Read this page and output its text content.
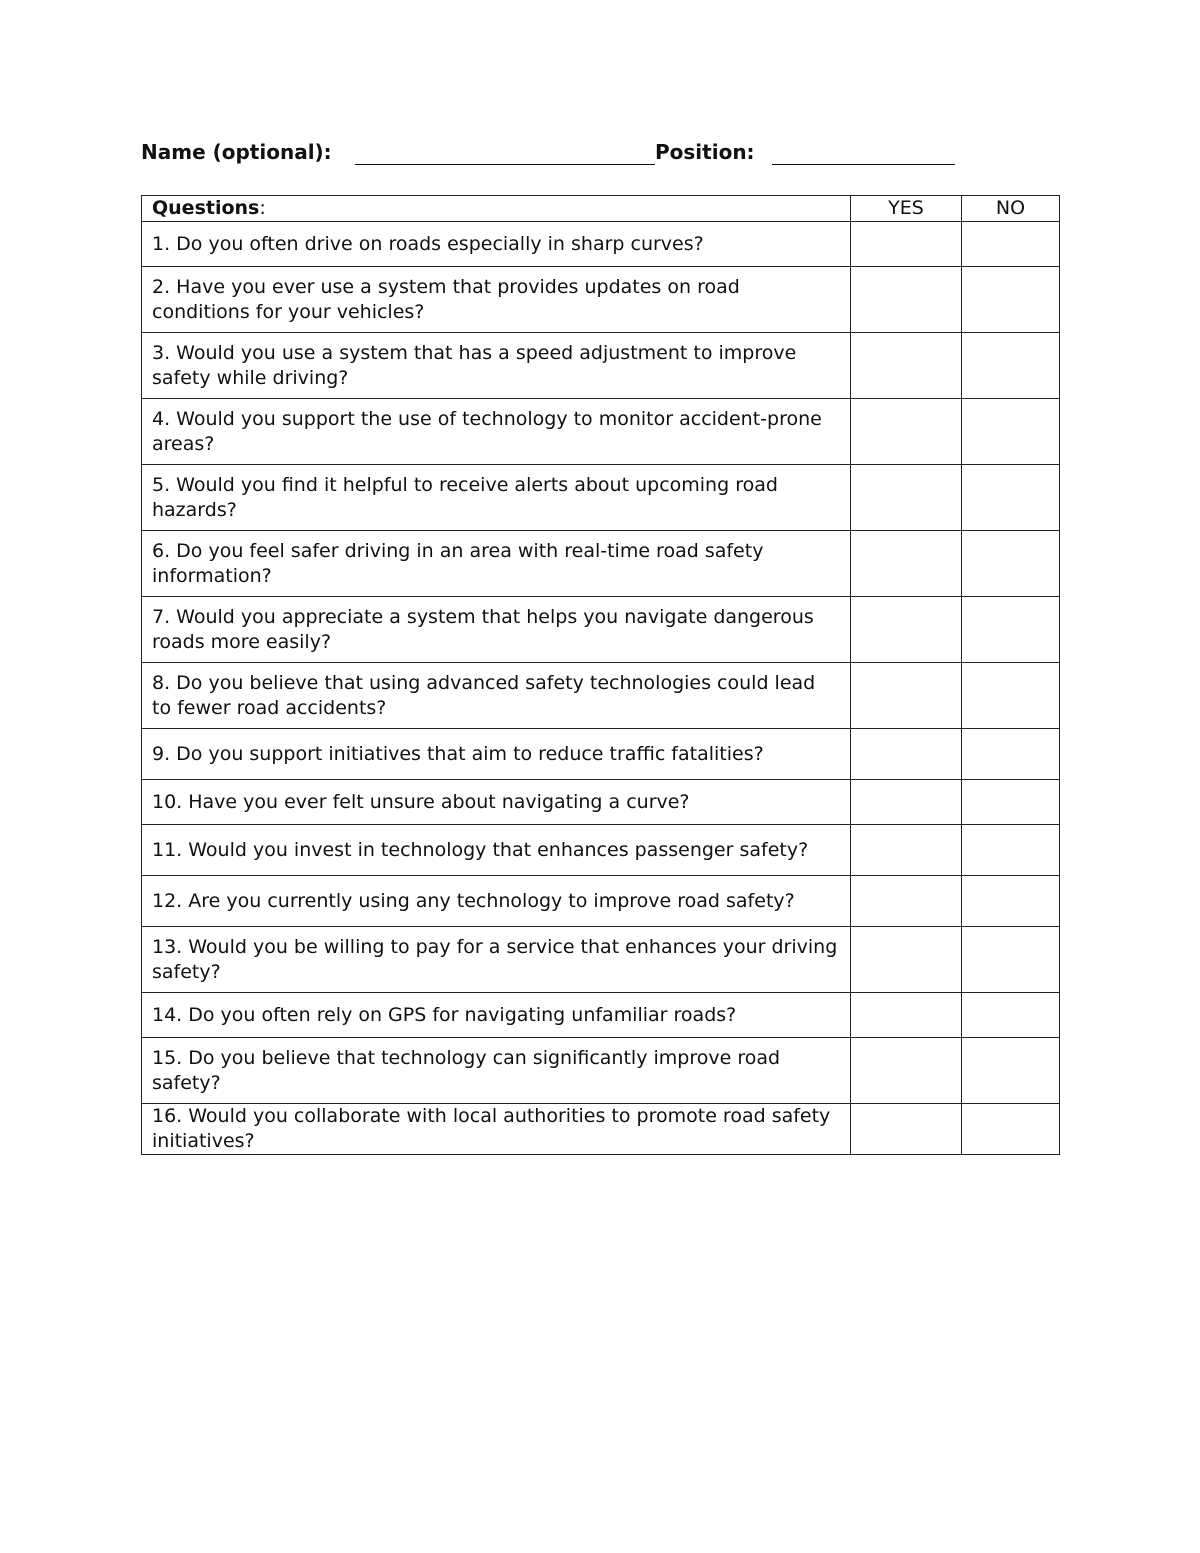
Name (optional):	Position:
Questions:	YES	NO
1. Do you often drive on roads especially in sharp curves?		
2. Have you ever use a system that provides updates on road conditions for your vehicles?		
3. Would you use a system that has a speed adjustment to improve safety while driving?		
4. Would you support the use of technology to monitor accident-prone areas?		
5. Would you find it helpful to receive alerts about upcoming road hazards?		
6. Do you feel safer driving in an area with real-time road safety information?		
7. Would you appreciate a system that helps you navigate dangerous roads more easily?		
8. Do you believe that using advanced safety technologies could lead to fewer road accidents?		
9. Do you support initiatives that aim to reduce traffic fatalities?		
10. Have you ever felt unsure about navigating a curve?		
11. Would you invest in technology that enhances passenger safety?		
12. Are you currently using any technology to improve road safety?		
13. Would you be willing to pay for a service that enhances your driving safety?		
14. Do you often rely on GPS for navigating unfamiliar roads?		
15. Do you believe that technology can significantly improve road safety?		
16. Would you collaborate with local authorities to promote road safety initiatives?		
